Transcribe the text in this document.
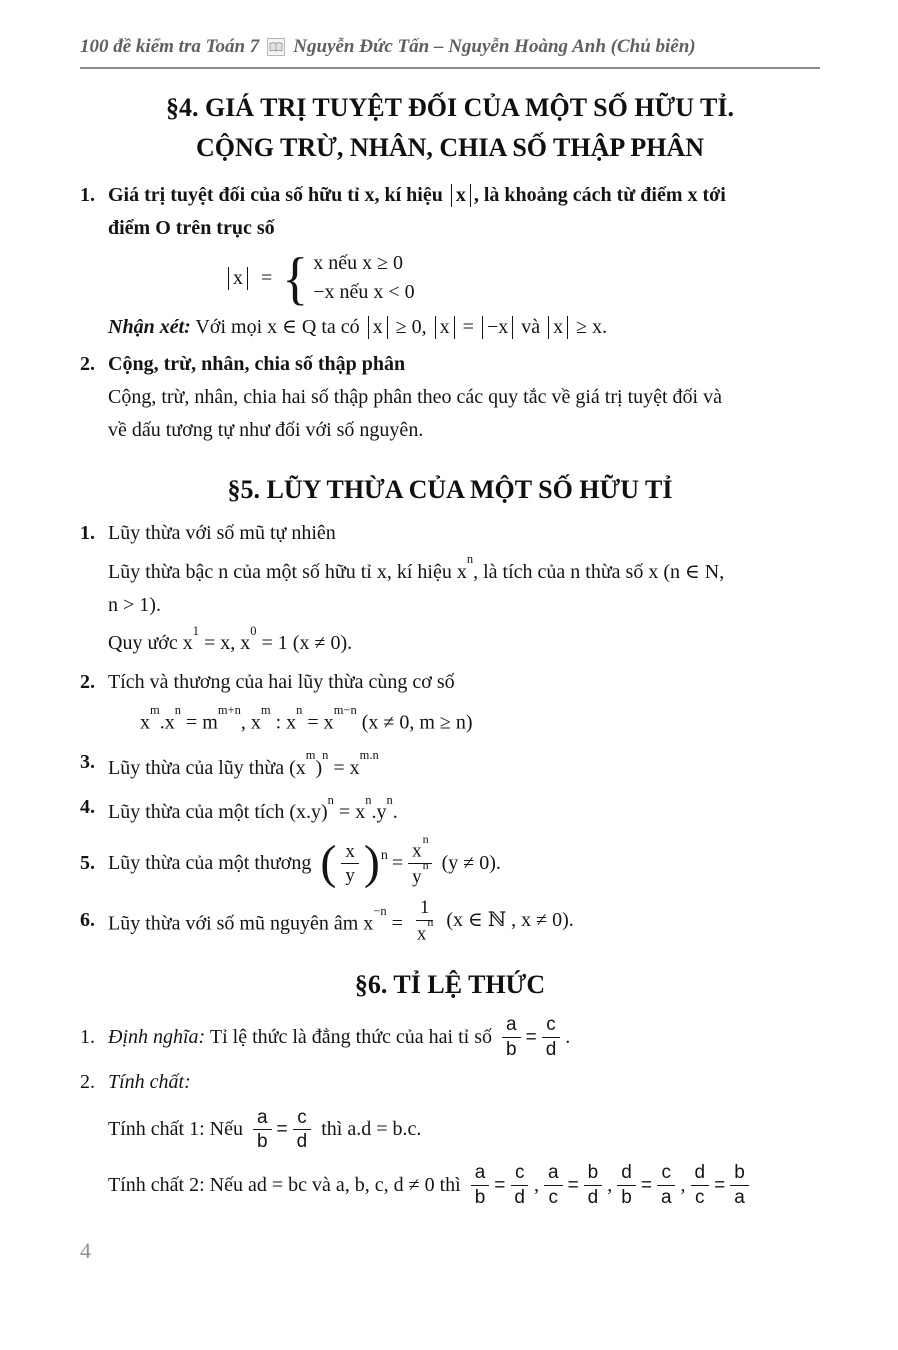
100 đề kiểm tra Toán 7 Nguyễn Đức Tấn – Nguyễn Hoàng Anh (Chủ biên)
§4. GIÁ TRỊ TUYỆT ĐỐI CỦA MỘT SỐ HỮU TỈ.
CỘNG TRỪ, NHÂN, CHIA SỐ THẬP PHÂN
1. Giá trị tuyệt đối của số hữu tỉ x, kí hiệu x , là khoảng cách từ điểm x tới
điểm O trên trục số
x = { x nếu x ≥ 0
−x nếu x < 0
Nhận xét: Với mọi x ∈ Q ta có x ≥ 0, x = −x và x ≥ x.
2. Cộng, trừ, nhân, chia số thập phân
Cộng, trừ, nhân, chia hai số thập phân theo các quy tắc về giá trị tuyệt đối và
về dấu tương tự như đối với số nguyên.
§5. LŨY THỪA CỦA MỘT SỐ HỮU TỈ
1. Lũy thừa với số mũ tự nhiên
Lũy thừa bậc n của một số hữu tỉ x, kí hiệu $x^n$, là tích của n thừa số x (n ∈ N,
n > 1).
Quy ước $x^1 = x$, $x^0 = 1$ (x ≠ 0).
2. Tích và thương của hai lũy thừa cùng cơ số
$x^m.x^n = m^{m+n}$, $x^m$ : $x^n = x^{m-n}$ (x ≠ 0, m ≥ n)
3. Lũy thừa của lũy thừa $(x^m)^n = x^{m.n}$
4. Lũy thừa của một tích $(x.y)^n = x^n.y^n$.
5. Lũy thừa của một thương ( $\frac{x}{y} )^n = \frac{x^n}{y^n} (y \ne 0)$.
6. Lũy thừa với số mũ nguyên âm $x^{-n} = \frac{1}{x^n} (x$ ∈ ℕ , x ≠ 0).
§6. TỈ LỆ THỨC
1. Định nghĩa: Tỉ lệ thức là đẳng thức của hai tỉ số $\frac{a}{b} = \frac{c}{d}$ .
2. Tính chất:
Tính chất 1: Nếu $\frac{a}{b} = \frac{c}{d}$ thì a.d = b.c.
Tính chất 2: Nếu ad = bc và a, b, c, d ≠ 0 thì $\frac{a}{b} = \frac{c}{d}$ , $\frac{a}{c} = \frac{b}{d}$ , $\frac{d}{b} = \frac{c}{a}$ , $\frac{d}{c} = \frac{b}{a}$
4
